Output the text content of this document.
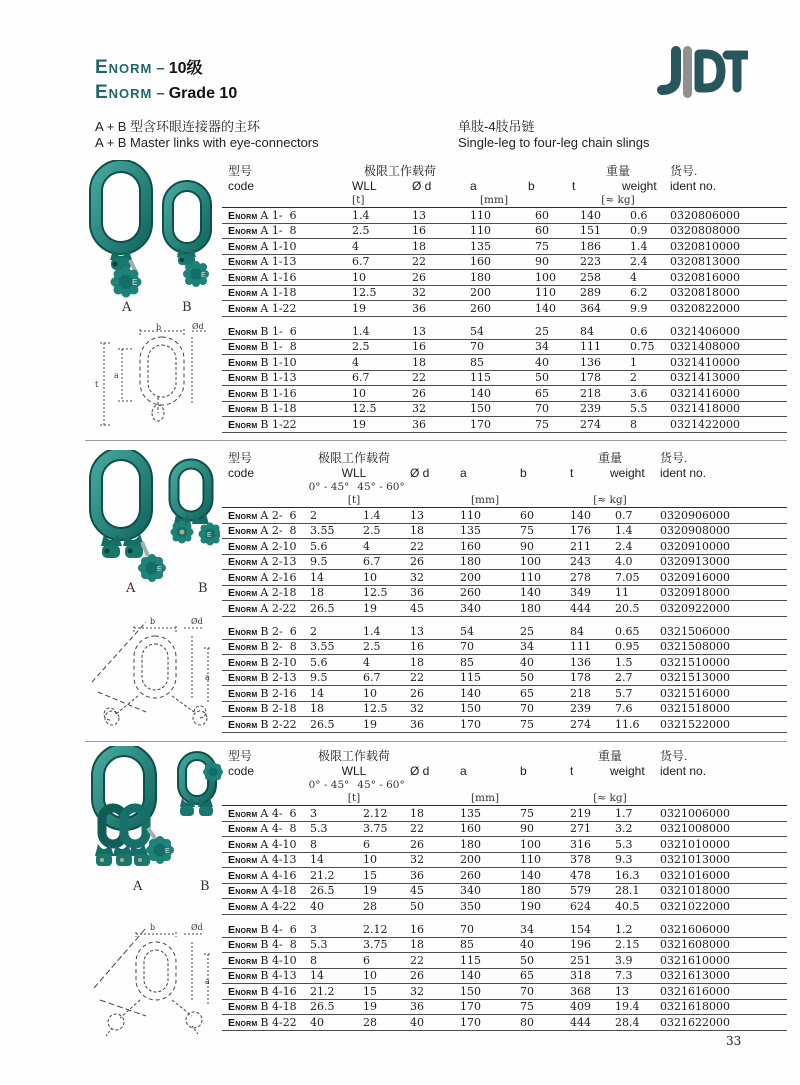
Enorm – 10级
Enorm – Grade 10
A + B 型含环眼连接器的主环
A + B Master links with eye-connectors
单肢-4肢吊链
Single-leg to four-leg chain slings
E
E
A	B
b	Ød
a
t
E
E
A	B
b	Ød
a
E
A	B
b	Ød
a
型号	极限工作载荷	重量	货号.
code	WLL	Ø d	a	b	t	weight	ident no.
[t]	[mm]	[≈ kg]
Enorm A 1- 6	1.4	13	110	60	140	0.6	0320806000
Enorm A 1- 8	2.5	16	110	60	151	0.9	0320808000
Enorm A 1-10	4	18	135	75	186	1.4	0320810000
Enorm A 1-13	6.7	22	160	90	223	2.4	0320813000
Enorm A 1-16	10	26	180	100	258	4	0320816000
Enorm A 1-18	12.5	32	200	110	289	6.2	0320818000
Enorm A 1-22	19	36	260	140	364	9.9	0320822000
Enorm B 1- 6	1.4	13	54	25	84	0.6	0321406000
Enorm B 1- 8	2.5	16	70	34	111	0.75	0321408000
Enorm B 1-10	4	18	85	40	136	1	0321410000
Enorm B 1-13	6.7	22	115	50	178	2	0321413000
Enorm B 1-16	10	26	140	65	218	3.6	0321416000
Enorm B 1-18	12.5	32	150	70	239	5.5	0321418000
Enorm B 1-22	19	36	170	75	274	8	0321422000
型号	极限工作载荷	重量	货号.
code	WLL	Ø d	a	b	t	weight	ident no.
0° - 45° 45° - 60°
[t]	[mm]	[≈ kg]
Enorm A 2- 6	2	1.4	13	110	60	140	0.7	0320906000
Enorm A 2- 8	3.55	2.5	18	135	75	176	1.4	0320908000
Enorm A 2-10	5.6	4	22	160	90	211	2.4	0320910000
Enorm A 2-13	9.5	6.7	26	180	100	243	4.0	0320913000
Enorm A 2-16	14	10	32	200	110	278	7.05	0320916000
Enorm A 2-18	18	12.5	36	260	140	349	11	0320918000
Enorm A 2-22	26.5	19	45	340	180	444	20.5	0320922000
Enorm B 2- 6	2	1.4	13	54	25	84	0.65	0321506000
Enorm B 2- 8	3.55	2.5	16	70	34	111	0.95	0321508000
Enorm B 2-10	5.6	4	18	85	40	136	1.5	0321510000
Enorm B 2-13	9.5	6.7	22	115	50	178	2.7	0321513000
Enorm B 2-16	14	10	26	140	65	218	5.7	0321516000
Enorm B 2-18	18	12.5	32	150	70	239	7.6	0321518000
Enorm B 2-22	26.5	19	36	170	75	274	11.6	0321522000
型号	极限工作载荷	重量	货号.
code	WLL	Ø d	a	b	t	weight	ident no.
0° - 45° 45° - 60°
[t]	[mm]	[≈ kg]
Enorm A 4- 6	3	2.12	18	135	75	219	1.7	0321006000
Enorm A 4- 8	5.3	3.75	22	160	90	271	3.2	0321008000
Enorm A 4-10	8	6	26	180	100	316	5.3	0321010000
Enorm A 4-13	14	10	32	200	110	378	9.3	0321013000
Enorm A 4-16	21.2	15	36	260	140	478	16.3	0321016000
Enorm A 4-18	26.5	19	45	340	180	579	28.1	0321018000
Enorm A 4-22	40	28	50	350	190	624	40.5	0321022000
Enorm B 4- 6	3	2.12	16	70	34	154	1.2	0321606000
Enorm B 4- 8	5.3	3.75	18	85	40	196	2.15	0321608000
Enorm B 4-10	8	6	22	115	50	251	3.9	0321610000
Enorm B 4-13	14	10	26	140	65	318	7.3	0321613000
Enorm B 4-16	21.2	15	32	150	70	368	13	0321616000
Enorm B 4-18	26.5	19	36	170	75	409	19.4	0321618000
Enorm B 4-22	40	28	40	170	80	444	28.4	0321622000
33
